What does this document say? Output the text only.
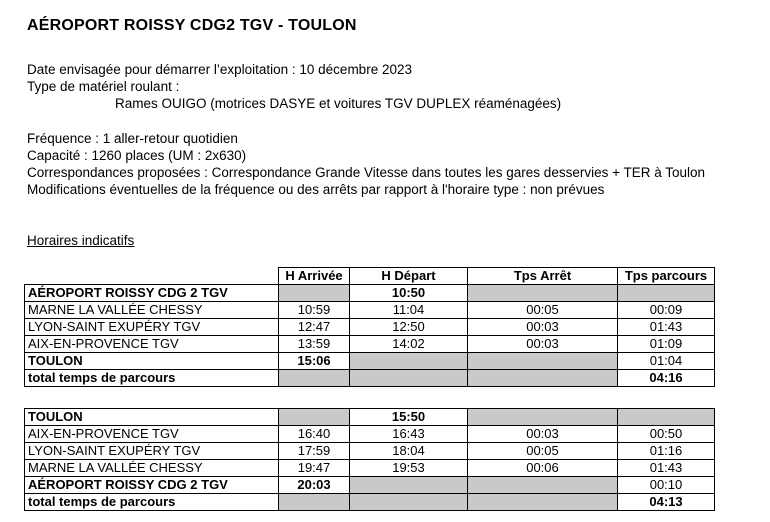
AÉROPORT ROISSY CDG2 TGV - TOULON
Date envisagée pour démarrer l’exploitation : 10 décembre 2023
Type de matériel roulant :
Rames OUIGO (motrices DASYE et voitures TGV DUPLEX réaménagées)
Fréquence : 1 aller-retour quotidien
Capacité : 1260 places (UM : 2x630)
Correspondances proposées : Correspondance Grande Vitesse dans toutes les gares desservies + TER à Toulon
Modifications éventuelles de la fréquence ou des arrêts par rapport à l'horaire type : non prévues
Horaires indicatifs
	H Arrivée	H Départ	Tps Arrêt	Tps parcours
AÉROPORT ROISSY CDG 2 TGV		10:50		
MARNE LA VALLÉE CHESSY	10:59	11:04	00:05	00:09
LYON-SAINT EXUPÉRY TGV	12:47	12:50	00:03	01:43
AIX-EN-PROVENCE TGV	13:59	14:02	00:03	01:09
TOULON	15:06			01:04
total temps de parcours				04:16
TOULON		15:50		
AIX-EN-PROVENCE TGV	16:40	16:43	00:03	00:50
LYON-SAINT EXUPÉRY TGV	17:59	18:04	00:05	01:16
MARNE LA VALLÉE CHESSY	19:47	19:53	00:06	01:43
AÉROPORT ROISSY CDG 2 TGV	20:03			00:10
total temps de parcours				04:13
